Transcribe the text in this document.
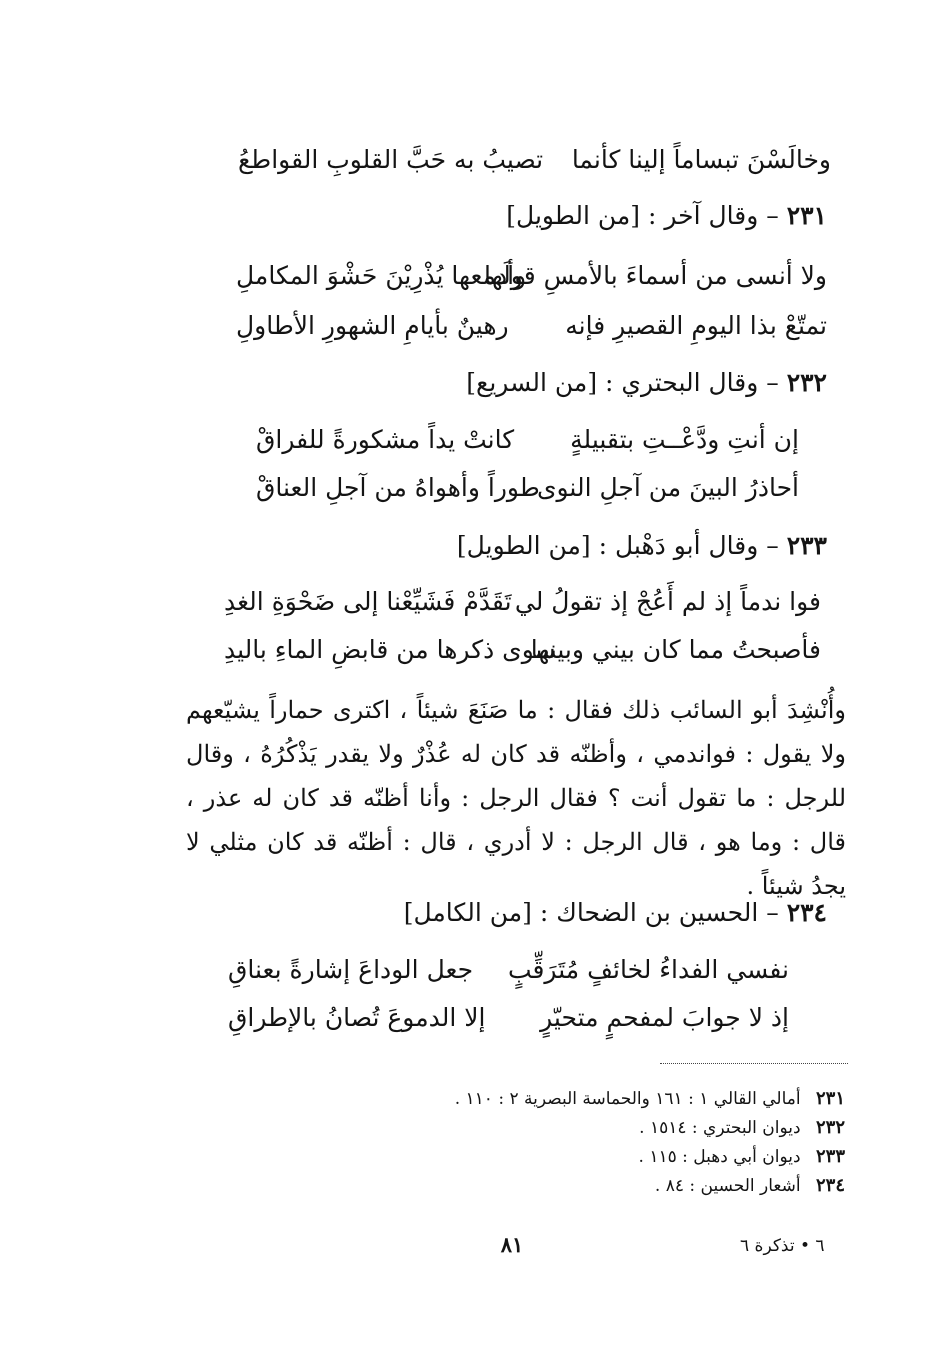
وخالَسْنَ تبساماً إلينا كأنما
تصيبُ به حَبَّ القلوبِ القواطعُ
٢٣١ – وقال آخر : [من الطويل]
ولا أنسى من أسماءَ بالأمسِ قولَها
وأدمعها يُذْرِيْنَ حَشْوَ المكاملِ
تمتّعْ بذا اليومِ القصيرِ فإنه
رهينٌ بأيامِ الشهورِ الأطاولِ
٢٣٢ – وقال البحتري : [من السريع]
إن أنتِ ودَّعْــتِ بتقبيلةٍ
كانتْ يداً مشكورةً للفراقْ
أحاذرُ البينَ من آجلِ النوى
طوراً وأهواهُ من آجلِ العناقْ
٢٣٣ – وقال أبو دَهْبل : [من الطويل]
فوا ندماً إذ لم أَعُجْ إذ تقولُ لي
تَقَدَّمْ فَشَيِّعْنا إلى ضَحْوَةِ الغدِ
فأصبحتُ مما كان بيني وبينها
سوى ذكرها من قابضِ الماءِ باليدِ

وأُنْشِدَ أبو السائب ذلك فقال : ما صَنَعَ شيئاً ، اكترى حماراً يشيّعهم ولا يقول : فواندمي ، وأظنّه قد كان له عُذْرٌ ولا يقدر يَذْكُرُهُ ، وقال للرجل : ما تقول أنت ؟ فقال الرجل : وأنا أظنّه قد كان له عذر ، قال : وما هو ، قال الرجل : لا أدري ، قال : أظنّه قد كان مثلي لا يجدُ شيئاً .

٢٣٤ – الحسين بن الضحاك : [من الكامل]
نفسي الفداءُ لخائفٍ مُتَرَقِّبٍ
جعل الوداعَ إشارةً بعناقِ
إذ لا جوابَ لمفحمٍ متحيّرٍ
إلا الدموعَ تُصانُ بالإطراقِ
٢٣١ أمالي القالي ١ : ١٦١ والحماسة البصرية ٢ : ١١٠ .
٢٣٢ ديوان البحتري : ١٥١٤ .
٢٣٣ ديوان أبي دهبل : ١١٥ .
٢٣٤ أشعار الحسين : ٨٤ .
٨١	٦ • تذكرة ٦
